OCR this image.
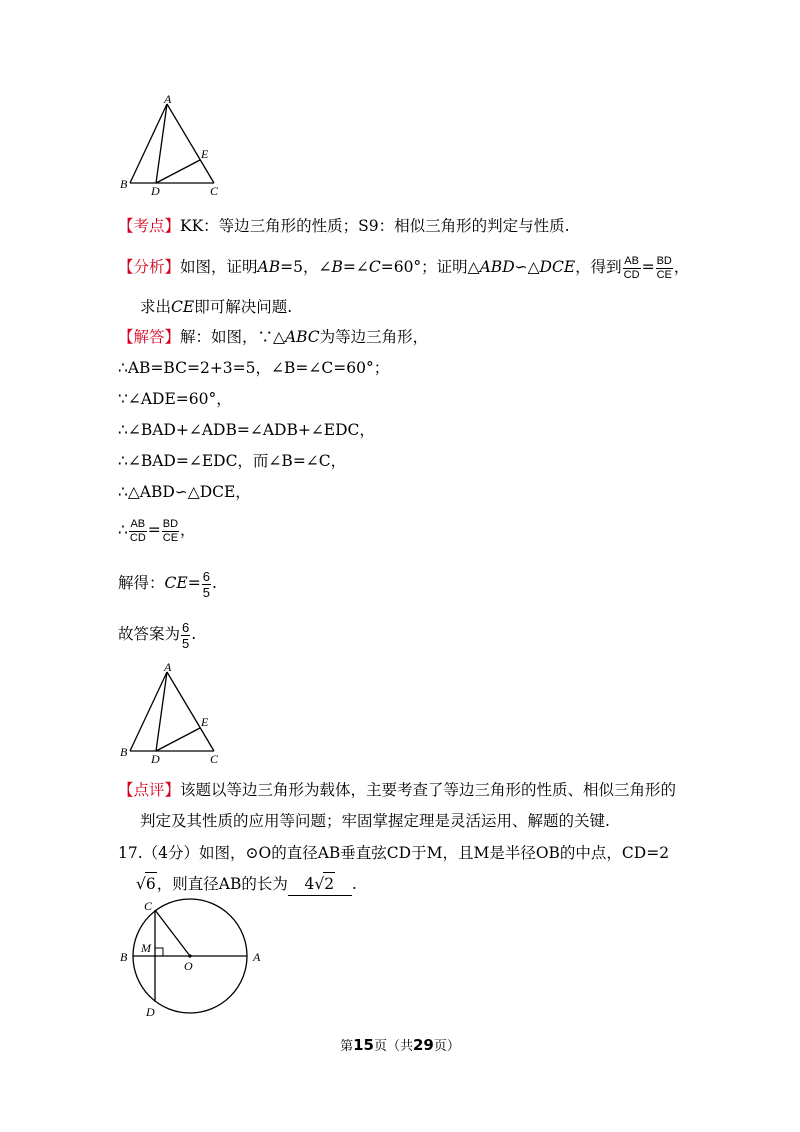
A
B	C
D
E
【考点】KK：等边三角形的性质；S9：相似三角形的判定与性质.
【分析】如图，证明AB=5，∠B=∠C=60°；证明△ABD∽△DCE，得到 $\frac{AB}{CD} = \frac{BD}{CE}$ ，
求出CE即可解决问题.
【解答】解：如图，∵△ABC为等边三角形，
∴AB=BC=2+3=5，∠B=∠C=60°；
∵∠ADE=60°，
∴∠BAD+∠ADB=∠ADB+∠EDC，
∴∠BAD=∠EDC，而∠B=∠C，
∴△ABD∽△DCE，
∴ $\frac{AB}{CD} = \frac{BD}{CE}$ ，
解得：$CE= \frac{6}{5}$ .
故答案为 $\frac{6}{5}$ .
A
B	C
D
E
【点评】该题以等边三角形为载体，主要考查了等边三角形的性质、相似三角形的
判定及其性质的应用等问题；牢固掌握定理是灵活运用、解题的关键.
17.（4分）如图，⊙O的直径AB垂直弦CD于M，且M是半径OB的中点，CD=2
√6，则直径AB的长为 4√2 .
C
M
B
O
A
D
第15页（共29页）
